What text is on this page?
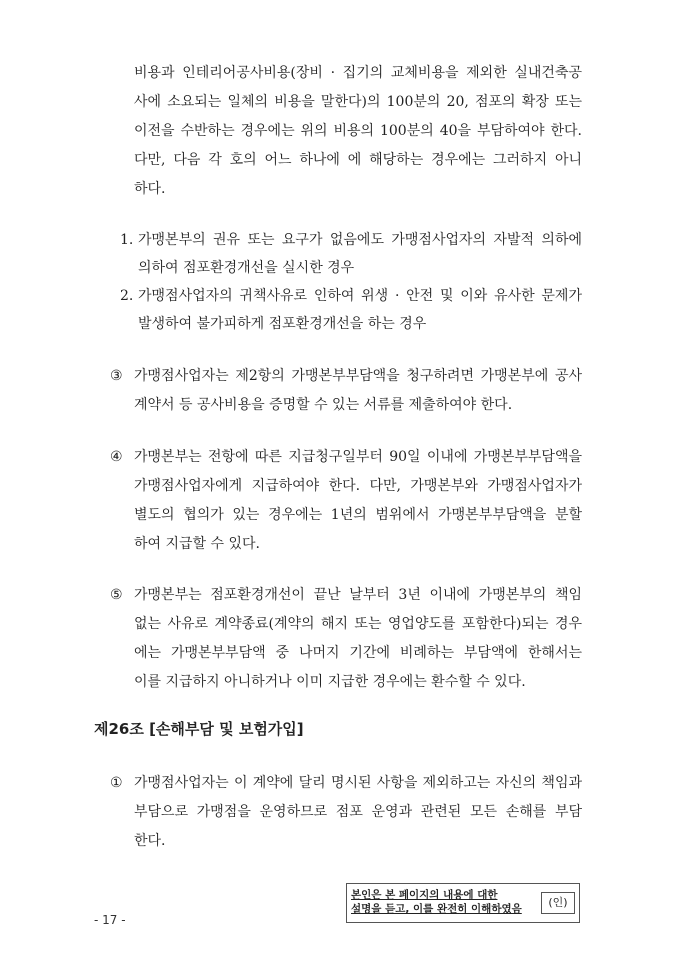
비용과 인테리어공사비용(장비 · 집기의 교체비용을 제외한 실내건축공
사에 소요되는 일체의 비용을 말한다)의 100분의 20, 점포의 확장 또는
이전을 수반하는 경우에는 위의 비용의 100분의 40을 부담하여야 한다.
다만, 다음 각 호의 어느 하나에 에 해당하는 경우에는 그러하지 아니
하다.
1. 가맹본부의 권유 또는 요구가 없음에도 가맹점사업자의 자발적 의하에
의하여 점포환경개선을 실시한 경우
2. 가맹점사업자의 귀책사유로 인하여 위생 · 안전 및 이와 유사한 문제가
발생하여 불가피하게 점포환경개선을 하는 경우
③ 가맹점사업자는 제2항의 가맹본부부담액을 청구하려면 가맹본부에 공사
계약서 등 공사비용을 증명할 수 있는 서류를 제출하여야 한다.
④ 가맹본부는 전항에 따른 지급청구일부터 90일 이내에 가맹본부부담액을
가맹점사업자에게 지급하여야 한다. 다만, 가맹본부와 가맹점사업자가
별도의 협의가 있는 경우에는 1년의 범위에서 가맹본부부담액을 분할
하여 지급할 수 있다.
⑤ 가맹본부는 점포환경개선이 끝난 날부터 3년 이내에 가맹본부의 책임
없는 사유로 계약종료(계약의 해지 또는 영업양도를 포함한다)되는 경우
에는 가맹본부부담액 중 나머지 기간에 비례하는 부담액에 한해서는
이를 지급하지 아니하거나 이미 지급한 경우에는 환수할 수 있다.
제26조 [손해부담 및 보험가입]
① 가맹점사업자는 이 계약에 달리 명시된 사항을 제외하고는 자신의 책임과
부담으로 가맹점을 운영하므로 점포 운영과 관련된 모든 손해를 부담
한다.
- 17 -
본인은 본 페이지의 내용에 대한
설명을 듣고, 이를 완전히 이해하였음	(인)
